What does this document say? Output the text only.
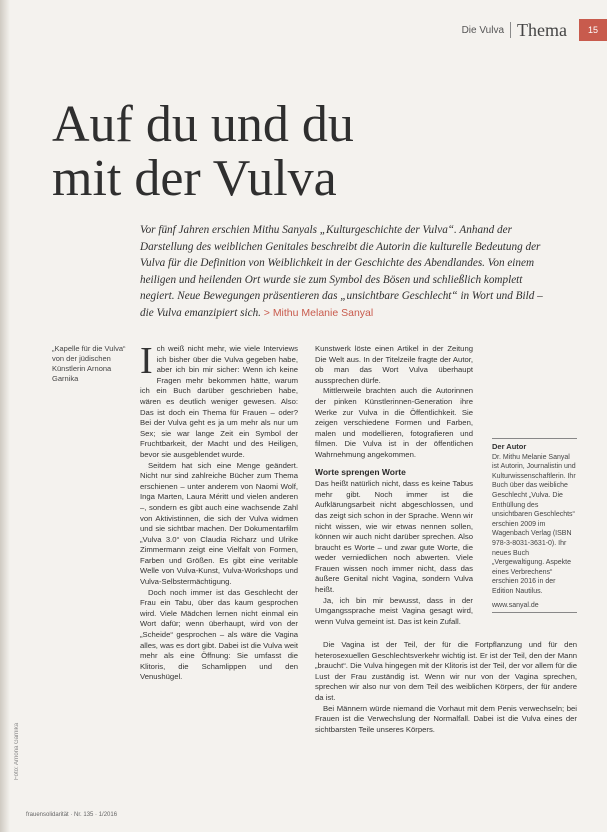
Die Vulva Thema	15
Auf du und du
mit der Vulva
Vor fünf Jahren erschien Mithu Sanyals „Kulturgeschichte der Vulva“. Anhand der Darstellung des weiblichen Genitales beschreibt die Autorin die kulturelle Bedeutung der Vulva für die Definition von Weiblichkeit in der Geschichte des Abendlandes. Von einem heiligen und heilenden Ort wurde sie zum Symbol des Bösen und schließlich komplett negiert. Neue Bewegungen präsentieren das „unsichtbare Geschlecht“ in Wort und Bild – die Vulva emanzipiert sich. > Mithu Melanie Sanyal
„Kapelle für die Vulva“ von der jüdischen Künstlerin Arnona Garnika	Ich weiß nicht mehr, wie viele Interviews ich bisher über die Vulva gegeben habe, aber ich bin mir sicher: Wenn ich keine Fragen mehr bekommen hätte, warum ich ein Buch darüber geschrieben habe, wären es deutlich weniger gewesen. Also: Das ist doch ein Thema für Frauen – oder? Bei der Vulva geht es ja um mehr als nur um Sex; sie war lange Zeit ein Symbol der Fruchtbarkeit, der Macht und des Heiligen, bevor sie ausgeblendet wurde.

Seitdem hat sich eine Menge geändert. Nicht nur sind zahlreiche Bücher zum Thema erschienen – unter anderem von Naomi Wolf, Inga Marten, Laura Méritt und vielen anderen –, sondern es gibt auch eine wachsende Zahl von Aktivistinnen, die sich der Vulva widmen und sie sichtbar machen. Der Dokumentarfilm „Vulva 3.0“ von Claudia Richarz und Ulrike Zimmermann zeigt eine Vielfalt von Formen, Farben und Größen. Es gibt eine veritable Welle von Vulva-Kunst, Vulva-Workshops und Vulva-Selbstermächtigung.

Doch noch immer ist das Geschlecht der Frau ein Tabu, über das kaum gesprochen wird. Viele Mädchen lernen nicht einmal ein Wort dafür; wenn überhaupt, wird von der „Scheide“ gesprochen – als wäre die Vagina alles, was es dort gibt. Dabei ist die Vulva weit mehr als eine Öffnung: Sie umfasst die Klitoris, die Schamlippen und den Venushügel.

Kunstwerk löste einen Artikel in der Zeitung Die Welt aus. In der Titelzeile fragte der Autor, ob man das Wort Vulva überhaupt aussprechen dürfe.

Mittlerweile brachten auch die Autorinnen der pinken Künstlerinnen-Generation ihre Werke zur Vulva in die Öffentlichkeit. Sie zeigen verschiedene Formen und Farben, malen und modellieren, fotografieren und filmen. Die Vulva ist in der öffentlichen Wahrnehmung angekommen.

Worte sprengen Worte

Das heißt natürlich nicht, dass es keine Tabus mehr gibt. Noch immer ist die Aufklärungsarbeit nicht abgeschlossen, und das zeigt sich schon in der Sprache. Wenn wir nicht wissen, wie wir etwas nennen sollen, können wir auch nicht darüber sprechen. Also braucht es Worte – und zwar gute Worte, die weder verniedlichen noch abwerten. Viele Frauen wissen noch immer nicht, dass das äußere Genital nicht Vagina, sondern Vulva heißt.

Ja, ich bin mir bewusst, dass in der Umgangssprache meist Vagina gesagt wird, wenn Vulva gemeint ist. Das ist kein Zufall.

Die Vagina ist der Teil, der für die Fortpflanzung und für den heterosexuellen Geschlechtsverkehr wichtig ist. Er ist der Teil, den der Mann „braucht“. Die Vulva hingegen mit der Klitoris ist der Teil, der vor allem für die Lust der Frau zuständig ist. Wenn wir nur von der Vagina sprechen, sprechen wir also nur von dem Teil des weiblichen Körpers, der für andere da ist.

Bei Männern würde niemand die Vorhaut mit dem Penis verwechseln; bei Frauen ist die Verwechslung der Normalfall. Dabei ist die Vulva eines der sichtbarsten Teile unseres Körpers.

Der Autor
Dr. Mithu Melanie Sanyal ist Autorin, Journalistin und Kulturwissenschaftlerin. Ihr Buch über das weibliche Geschlecht „Vulva. Die Enthüllung des unsichtbaren Geschlechts“ erschien 2009 im Wagenbach Verlag (ISBN 978-3-8031-3631-0). Ihr neues Buch „Vergewaltigung. Aspekte eines Verbrechens“ erschien 2016 in der Edition Nautilus.
www.sanyal.de
Foto: Arnona Garnika
frauensolidarität · Nr. 135 · 1/2016
